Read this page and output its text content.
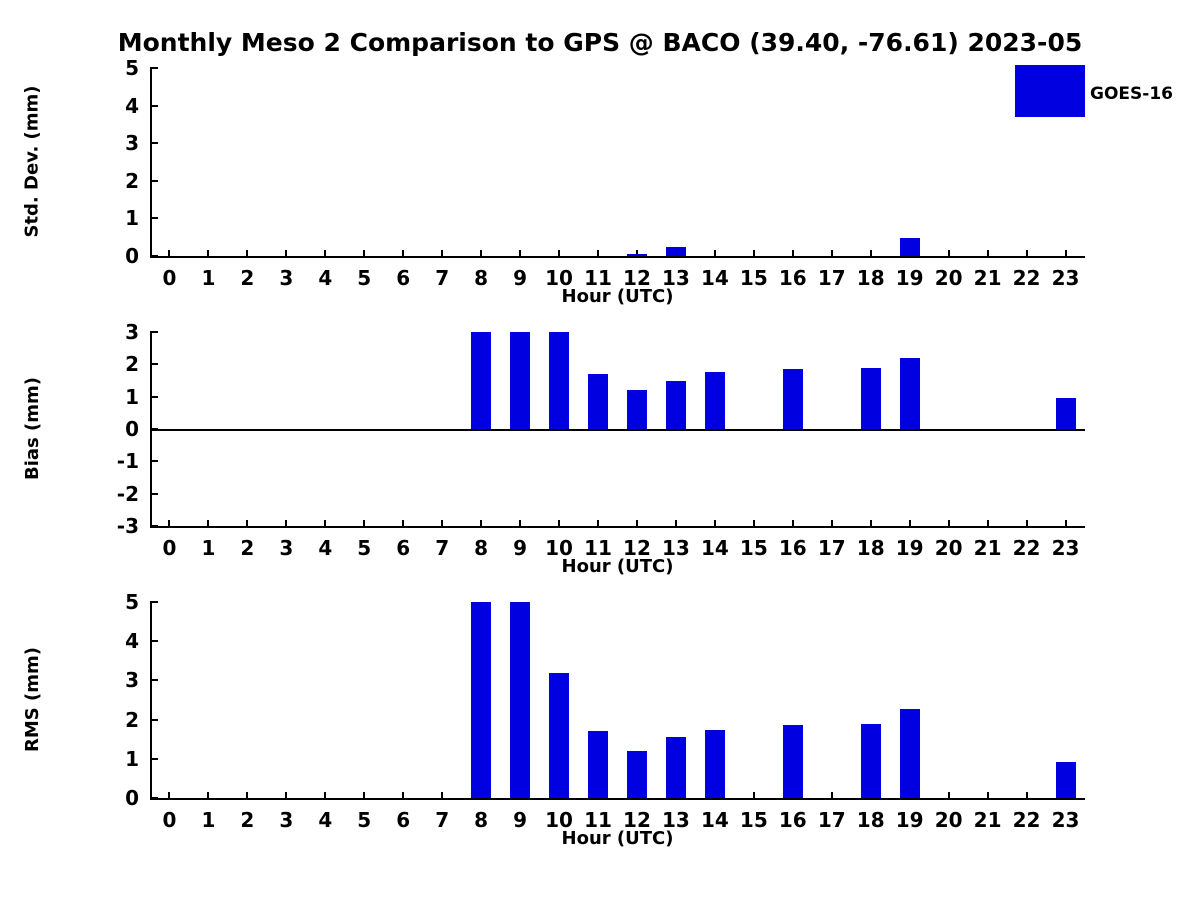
Monthly Meso 2 Comparison to GPS @ BACO (39.40, -76.61) 2023-05
5
4
3
2
1
0
0 1 2 3 4 5 6 7 8 9 10 11 12 13 14 15 16 17 18 19 20 21 22 23
Std. Dev. (mm)
Hour (UTC)
GOES-16
3
2
1
0
-1
-2
-3
0 1 2 3 4 5 6 7 8 9 10 11 12 13 14 15 16 17 18 19 20 21 22 23
Bias (mm)
Hour (UTC)
5
4
3
2
1
0
0 1 2 3 4 5 6 7 8 9 10 11 12 13 14 15 16 17 18 19 20 21 22 23
RMS (mm)
Hour (UTC)
